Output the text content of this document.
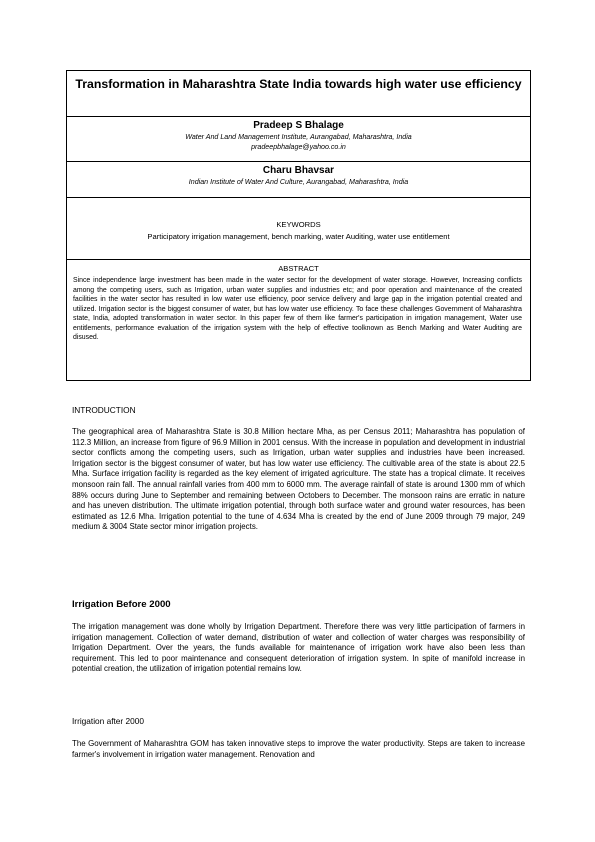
Transformation in Maharashtra State India towards high water use efficiency
Pradeep S Bhalage
Water And Land Management Institute, Aurangabad, Maharashtra, India
pradeepbhalage@yahoo.co.in
Charu Bhavsar
Indian Institute of Water And Culture, Aurangabad, Maharashtra, India
KEYWORDS
Participatory irrigation management, bench marking, water Auditing, water use entitlement
ABSTRACT

Since independence large investment has been made in the water sector for the development of water storage. However, Increasing conflicts among the competing users, such as Irrigation, urban water supplies and industries etc; and poor operation and maintenance of the created facilities in the water sector has resulted in low water use efficiency, poor service delivery and large gap in the irrigation potential created and utilized. Irrigation sector is the biggest consumer of water, but has low water use efficiency. To face these challenges Government of Maharashtra state, India, adopted transformation in water sector. In this paper few of them like farmer's participation in irrigation management, Water use entitlements, performance evaluation of the irrigation system with the help of effective toolknown as Bench Marking and Water Auditing are disused.

INTRODUCTION

The geographical area of Maharashtra State is 30.8 Million hectare Mha, as per Census 2011; Maharashtra has population of 112.3 Million, an increase from figure of 96.9 Million in 2001 census. With the increase in population and development in industrial sector conflicts among the competing users, such as Irrigation, urban water supplies and industries have been increased. Irrigation sector is the biggest consumer of water, but has low water use efficiency. The cultivable area of the state is about 22.5 Mha. Surface irrigation facility is regarded as the key element of irrigated agriculture. The state has a tropical climate. It receives monsoon rain fall. The annual rainfall varies from 400 mm to 6000 mm. The average rainfall of state is around 1300 mm of which 88% occurs during June to September and remaining between Octobers to December. The monsoon rains are erratic in nature and has uneven distribution. The ultimate irrigation potential, through both surface water and ground water resources, has been estimated as 12.6 Mha. Irrigation potential to the tune of 4.634 Mha is created by the end of June 2009 through 79 major, 249 medium & 3004 State sector minor irrigation projects.

Irrigation Before 2000

The irrigation management was done wholly by Irrigation Department. Therefore there was very little participation of farmers in irrigation management. Collection of water demand, distribution of water and collection of water charges was responsibility of Irrigation Department. Over the years, the funds available for maintenance of irrigation work have also been less than requirement. This led to poor maintenance and consequent deterioration of irrigation system. In spite of manifold increase in potential creation, the utilization of irrigation potential remains low.

Irrigation after 2000

The Government of Maharashtra GOM has taken innovative steps to improve the water productivity. Steps are taken to increase farmer's involvement in irrigation water management. Renovation and
